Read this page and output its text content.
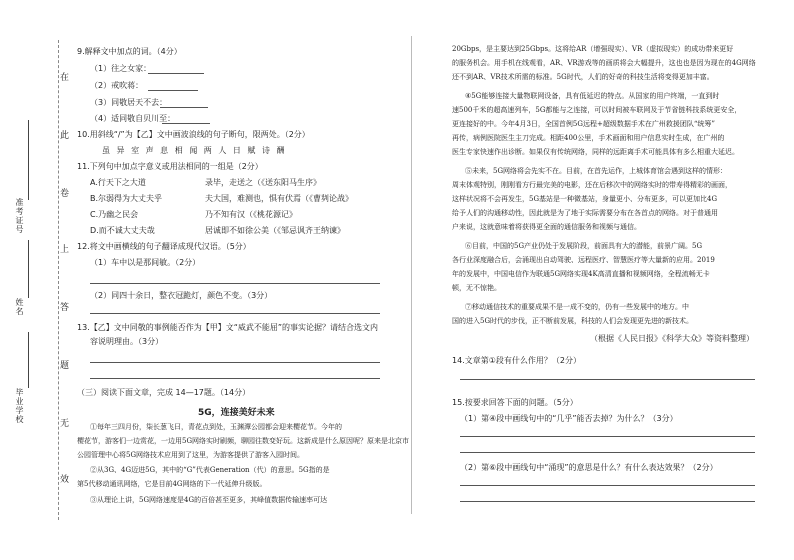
在
此
卷
上
答
题
无
效
准考证号
姓名
毕业学校
9.解释文中加点的词。（4分）
（1）往之女家：
（2）戒吹蒋：
（3）同敬居天不去：
（4）适同敬自贝川至：
10.用斜线“/”为【乙】文中画波浪线的句子断句，限两处。（2分）
虽 异 室 声 息 相 闻 两 人 日 赋 诗 酬
11.下列句中加点字意义或用法相同的一组是（2分）
A.行天下之大道	录毕，走送之（《送东阳马生序》
B.尔弱得为大丈夫乎	夫大国，难测也，惧有伏焉（《曹刿论战》
C.乃幽之民会	乃不知有汉（《桃花源记》
D.而不诚大丈夫哉	居诚即不如徐公美（《邹忌讽齐王纳谏》
12.将文中画横线的句子翻译成现代汉语。（5分）
（1）车中以是那间敏。（2分）
（2）同四十余日，整衣冠跪灯，颜色不变。（3分）
13.【乙】文中同敬的事例能否作为【甲】文“威武不能屈”的事实论据？请结合选文内
容说明理由。（3分）
（三）阅读下面文章，完成 14—17题。（14分）
5G，连接美好未来
①每年三四月份，柒长葱飞曰，青花点到处，玉渊潭公园都会迎来樱花节。今年的
樱花节，游客们一边赏花，一边用5G网络实时刷频，聊园往数变好玩。这新成是什么原因呢？原来是北京市
公园管理中心将5G网络技术应用到了这里，为游客提供了游客入园时间。
②从3G、4G迈进5G，其中的“G”代表Generation（代）的意思。5G指的是
第5代移动通讯网络，它是目前4G网络的下一代延伸升级版。
③从理论上讲，5G网络速度是4G的百倍甚至更多，其峰值数据传输速率可达
20Gbps，是主要达到25Gbps。这将给AR（增强现实）、VR（虚拟现实）的成功带来更好
的服务机会。用手机在线观看，AR、VR游戏等的画质将会大幅提升，这也也是因为现在的4G网络
还不到AR、VR技术所需的标准。5G时代，人们的好奇的科技生活将变得更加丰富。
④5G能够连接大量物联网设备，具有低延迟的特点。从国家的用户终端，一直到时
速500千米的超高速列车，5G都能与之连接，可以时间被车联网及于节省链科技系统更安全，
更连接好的中。今年4月3日，全国首例5G远程+超级数据手术在广州救援团队“统筹”
再传，病例医院医生主刀完成。相距400公里，手术画面和用户信息实时生成，在广州的
医生专家快速作出诊断。如果仅有传统网络，同样的远距离手术可能具体有多么相重大延迟。
⑤未来，5G网络将会先实不在。目前，在首先运作，上城体育馆会遇到这样的情形：
周末体观特别，刚刚看方行最完美的电影，还在后移次中的网络实时的带寿得精彩的画面，
这样状况将不会再发生，5G基站是一种微基站，身量更小、分布更多，可以更加比4G
给予人们的沟通移动性，因此就是为了地于实际需要分布在各首点的网络。对于普通用
户来说，这就意味着将获得更全面的通信服务和视频与通信。
⑥目前，中国的5G产业仍处于发展阶段，前面具有大的潜能，前景广阔。5G
各行业深度融合后，会涌现出自动驾驶、远程医疗、智慧医疗等大量新的应用。2019
年的发展中，中国电信作为联通5G网络实现4K高清直播和视频网络，全程流畅无卡
顿，无不惊艳。
⑦移动通信技术的重要成果不是一成不变的，仍有一些发展中的地方。中
国的进入5G时代的步伐，正不断前发展，科技的人们会发现更先进的新技术。
（根据《人民日报》《科学大众》等资料整理）
14.文章第①段有什么作用？（2分）
15.按要求回答下面的问题。（5分）
（1）第④段中画线句中的“几乎”能否去掉？为什么？（3分）
（2）第⑥段中画线句中“涌现”的意思是什么？有什么表达效果？（2分）
